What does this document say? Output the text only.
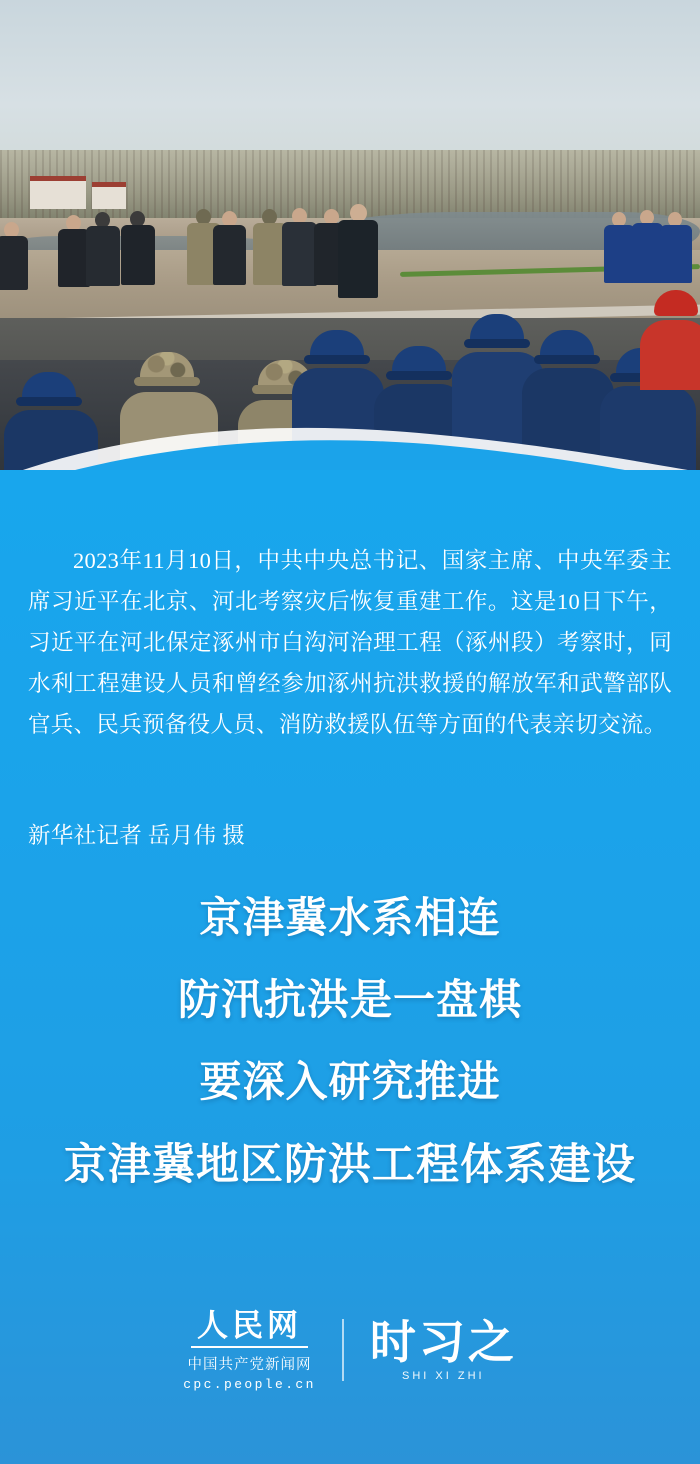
2023年11月10日，中共中央总书记、国家主席、中央军委主席习近平在北京、河北考察灾后恢复重建工作。这是10日下午，习近平在河北保定涿州市白沟河治理工程（涿州段）考察时，同水利工程建设人员和曾经参加涿州抗洪救援的解放军和武警部队官兵、民兵预备役人员、消防救援队伍等方面的代表亲切交流。
新华社记者 岳月伟 摄
京津冀水系相连
防汛抗洪是一盘棋
要深入研究推进
京津冀地区防洪工程体系建设
人民网
中国共产党新闻网
cpc.people.cn
时习之
SHI XI ZHI
